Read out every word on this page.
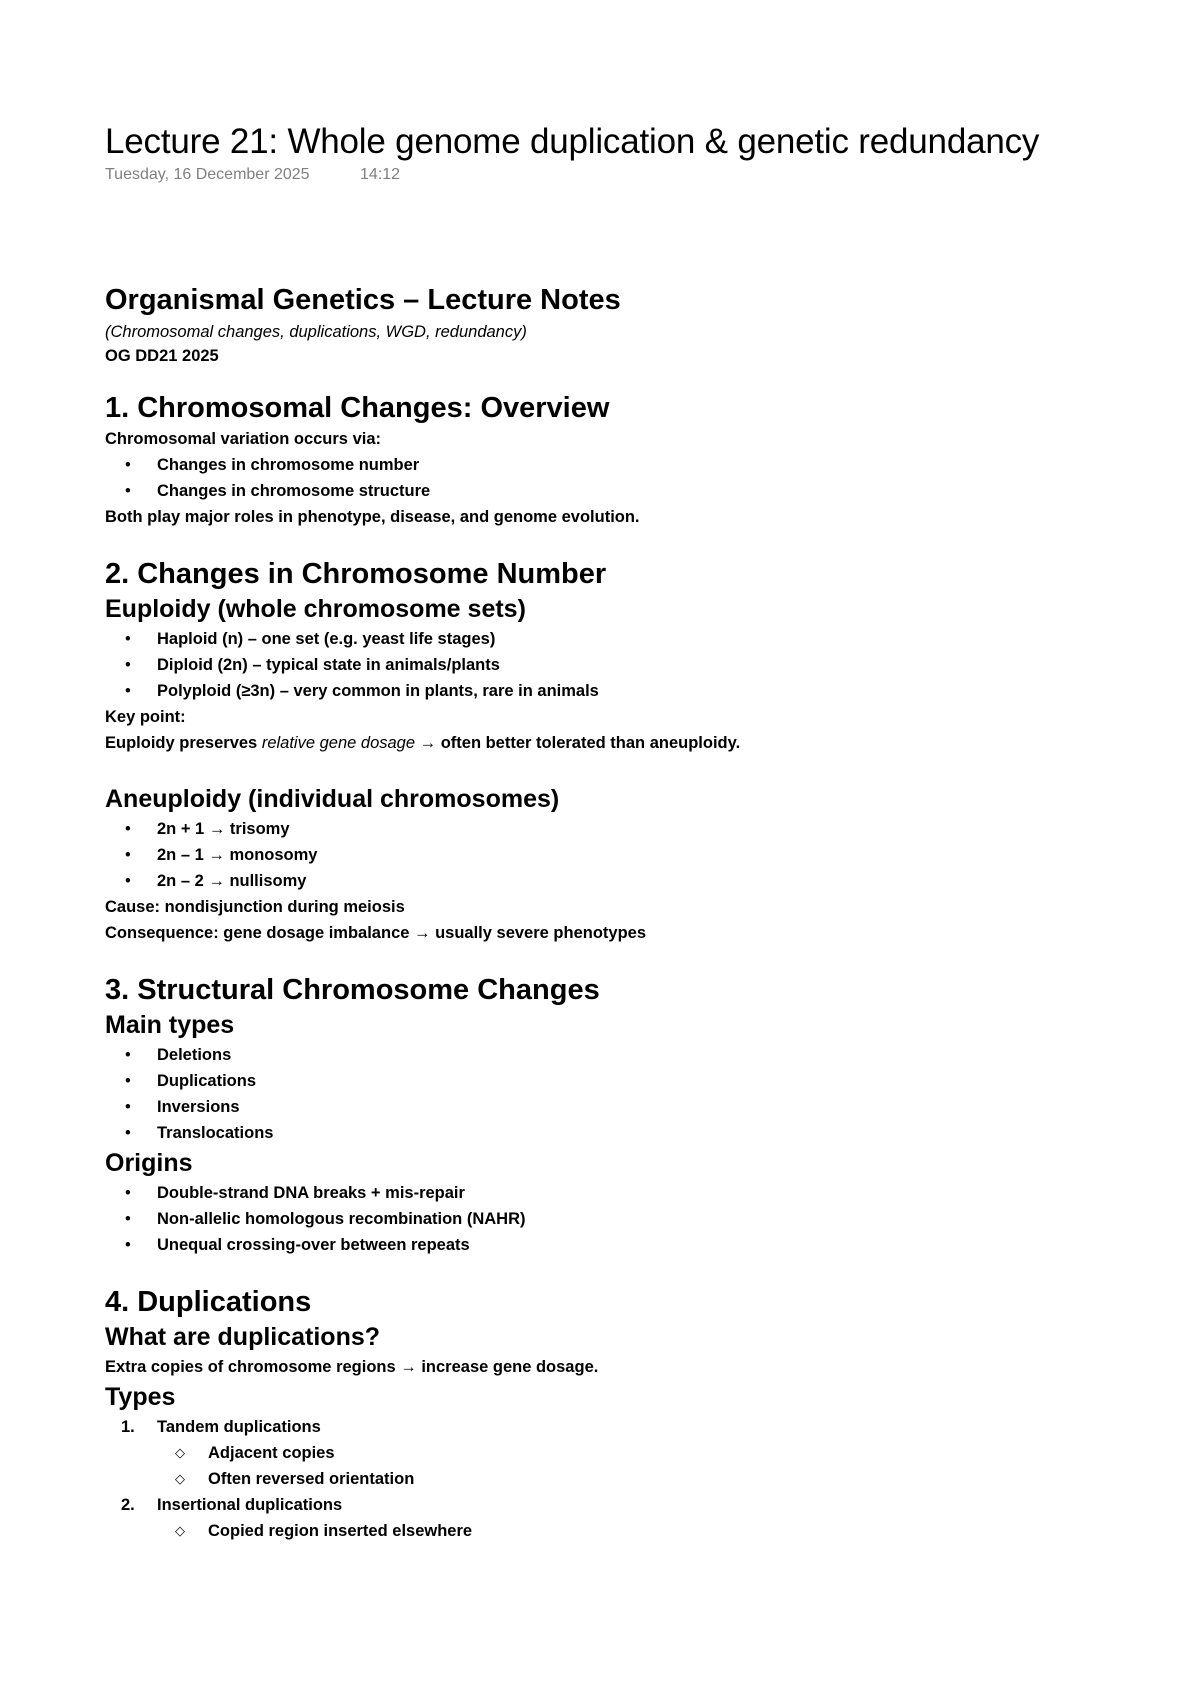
Lecture 21: Whole genome duplication & genetic redundancy
Tuesday, 16 December 2025	14:12
Organismal Genetics – Lecture Notes
(Chromosomal changes, duplications, WGD, redundancy)
OG DD21 2025
1. Chromosomal Changes: Overview

Chromosomal variation occurs via:

• Changes in chromosome number
• Changes in chromosome structure

Both play major roles in phenotype, disease, and genome evolution.

2. Changes in Chromosome Number
Euploidy (whole chromosome sets)
• Haploid (n) – one set (e.g. yeast life stages)
• Diploid (2n) – typical state in animals/plants
• Polyploid (≥3n) – very common in plants, rare in animals

Key point:

Euploidy preserves relative gene dosage → often better tolerated than aneuploidy.

Aneuploidy (individual chromosomes)
• 2n + 1 → trisomy
• 2n – 1 → monosomy
• 2n – 2 → nullisomy

Cause: nondisjunction during meiosis

Consequence: gene dosage imbalance → usually severe phenotypes

3. Structural Chromosome Changes
Main types
• Deletions
• Duplications
• Inversions
• Translocations
Origins
• Double-strand DNA breaks + mis-repair
• Non-allelic homologous recombination (NAHR)
• Unequal crossing-over between repeats
4. Duplications
What are duplications?

Extra copies of chromosome regions → increase gene dosage.

Types
1. Tandem duplications
◇ Adjacent copies
◇ Often reversed orientation
2. Insertional duplications
◇ Copied region inserted elsewhere
